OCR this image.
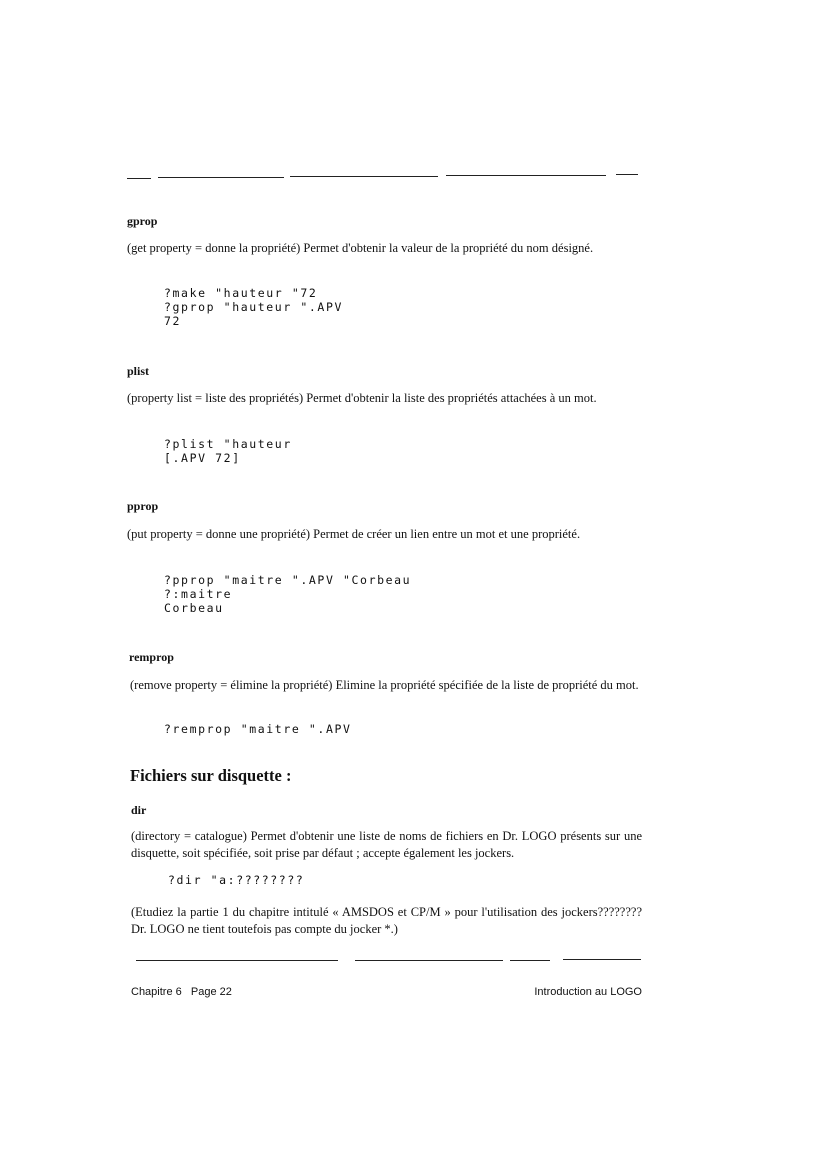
gprop
(get property = donne la propriété) Permet d'obtenir la valeur de la propriété du nom désigné.
?make "hauteur "72
?gprop "hauteur ".APV
72
plist
(property list = liste des propriétés) Permet d'obtenir la liste des propriétés attachées à un mot.
?plist "hauteur
[.APV 72]
pprop
(put property = donne une propriété) Permet de créer un lien entre un mot et une propriété.
?pprop "maitre ".APV "Corbeau
?:maitre
Corbeau
remprop
(remove property = élimine la propriété) Elimine la propriété spécifiée de la liste de propriété du mot.
?remprop "maitre ".APV
Fichiers sur disquette :
dir
(directory = catalogue) Permet d'obtenir une liste de noms de fichiers en Dr. LOGO présents sur une disquette, soit spécifiée, soit prise par défaut ; accepte également les jockers.
?dir "a:????????
(Etudiez la partie 1 du chapitre intitulé « AMSDOS et CP/M » pour l'utilisation des jockers???????? Dr. LOGO ne tient toutefois pas compte du jocker *.)
Chapitre 6   Page 22	Introduction au LOGO
